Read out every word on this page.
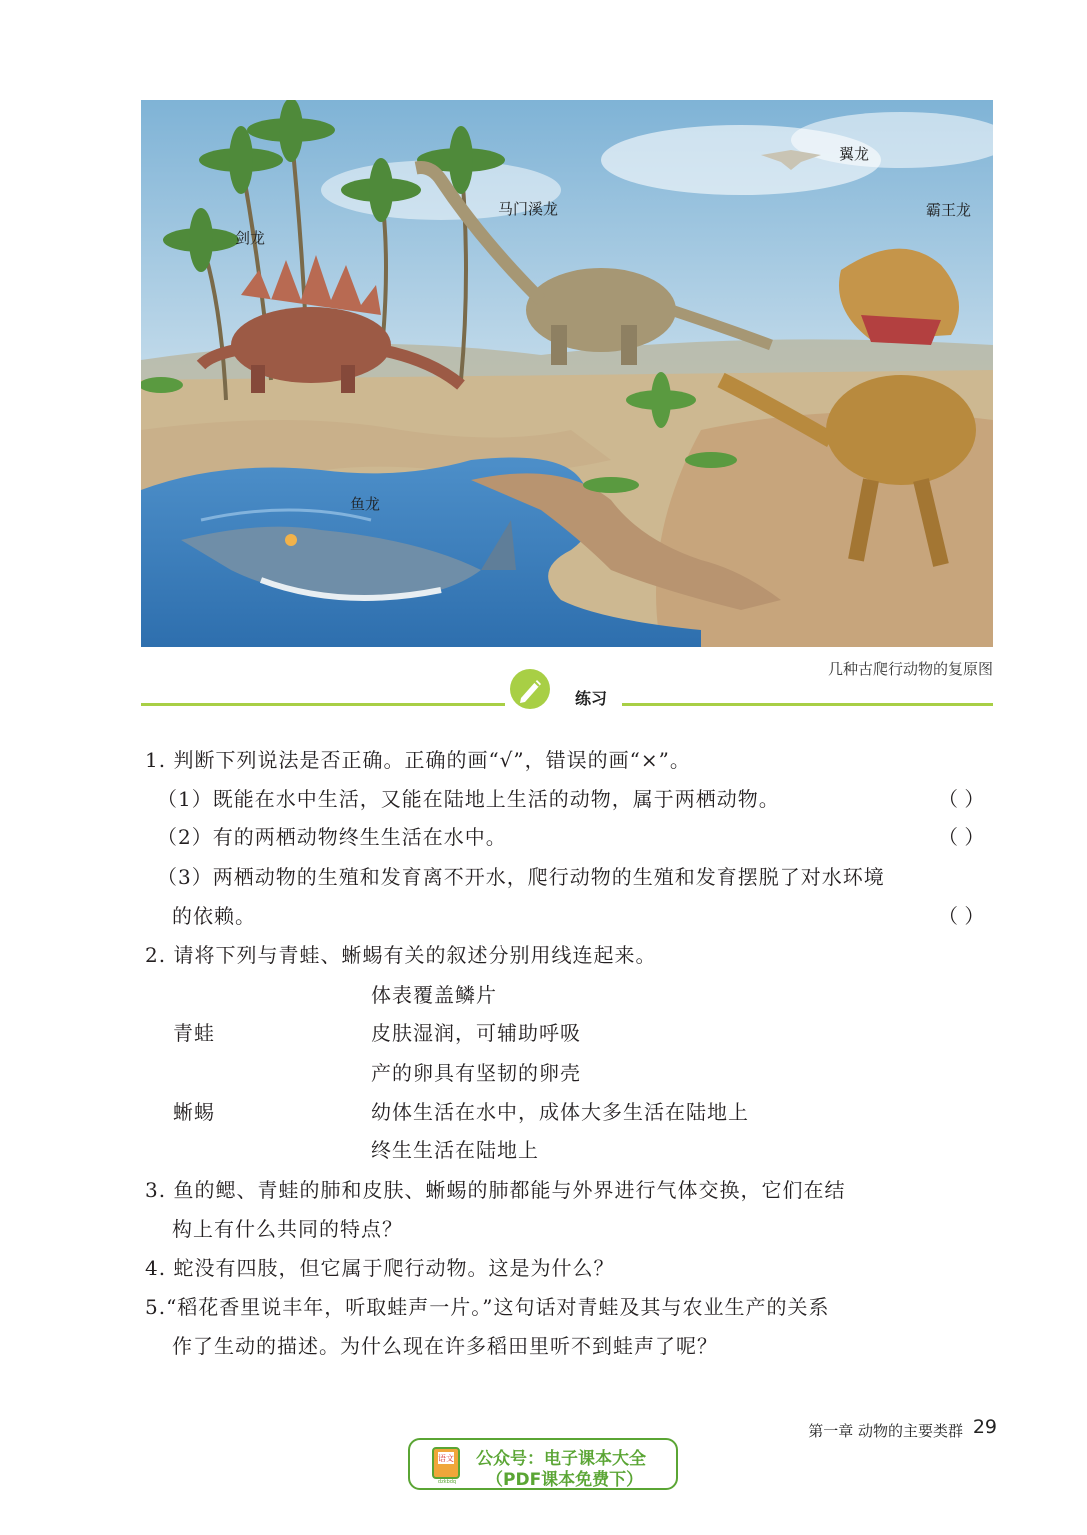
剑龙
马门溪龙
翼龙
霸王龙
鱼龙
几种古爬行动物的复原图
练习
1. 判断下列说法是否正确。正确的画“√”，错误的画“×”。
（1）既能在水中生活，又能在陆地上生活的动物，属于两栖动物。	（ ）
（2）有的两栖动物终生生活在水中。	（ ）
（3）两栖动物的生殖和发育离不开水，爬行动物的生殖和发育摆脱了对水环境
的依赖。	（ ）
2. 请将下列与青蛙、蜥蜴有关的叙述分别用线连起来。
体表覆盖鳞片
青蛙	皮肤湿润，可辅助呼吸
产的卵具有坚韧的卵壳
蜥蜴	幼体生活在水中，成体大多生活在陆地上
终生生活在陆地上
3. 鱼的鳃、青蛙的肺和皮肤、蜥蜴的肺都能与外界进行气体交换，它们在结
构上有什么共同的特点？
4. 蛇没有四肢，但它属于爬行动物。这是为什么？
5.“稻花香里说丰年，听取蛙声一片。”这句话对青蛙及其与农业生产的关系
作了生动的描述。为什么现在许多稻田里听不到蛙声了呢？
第一章 动物的主要类群 29
语文
dzkbdq
公众号：电子课本大全
（PDF课本免费下）
